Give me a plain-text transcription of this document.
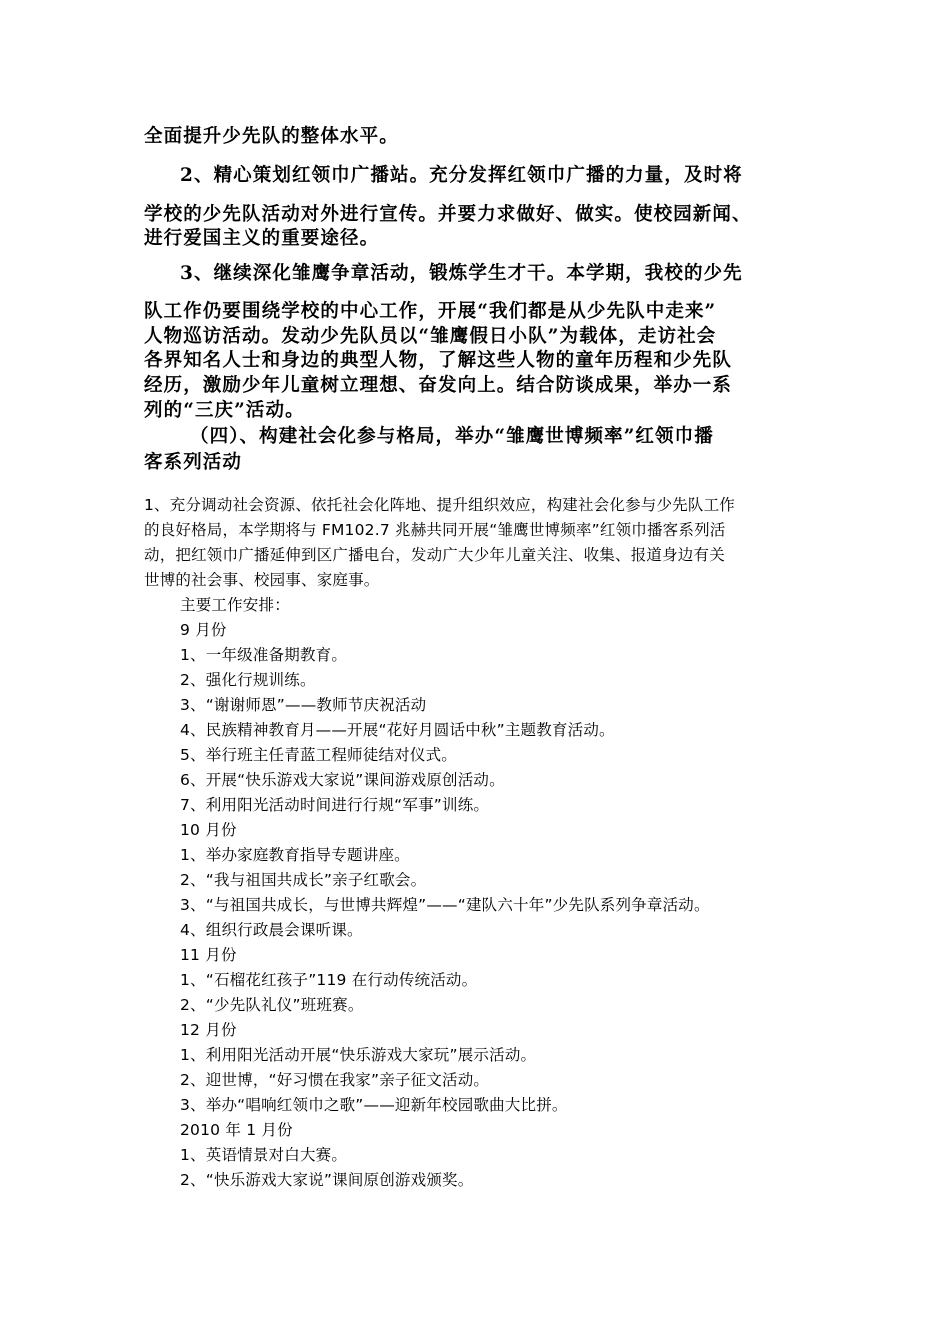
全面提升少先队的整体水平。
2、精心策划红领巾广播站。充分发挥红领巾广播的力量，及时将
学校的少先队活动对外进行宣传。并要力求做好、做实。使校园新闻、
进行爱国主义的重要途径。
3、继续深化雏鹰争章活动，锻炼学生才干。本学期，我校的少先
队工作仍要围绕学校的中心工作，开展“我们都是从少先队中走来”
人物巡访活动。发动少先队员以“雏鹰假日小队”为载体，走访社会
各界知名人士和身边的典型人物，了解这些人物的童年历程和少先队
经历，激励少年儿童树立理想、奋发向上。结合防谈成果，举办一系
列的“三庆”活动。
（四）、构建社会化参与格局，举办“雏鹰世博频率”红领巾播
客系列活动
1、充分调动社会资源、依托社会化阵地、提升组织效应，构建社会化参与少先队工作
的良好格局，本学期将与 FM102.7 兆赫共同开展“雏鹰世博频率”红领巾播客系列活
动，把红领巾广播延伸到区广播电台，发动广大少年儿童关注、收集、报道身边有关
世博的社会事、校园事、家庭事。
主要工作安排：
9 月份
1、一年级准备期教育。
2、强化行规训练。
3、“谢谢师恩”——教师节庆祝活动
4、民族精神教育月——开展“花好月圆话中秋”主题教育活动。
5、举行班主任青蓝工程师徒结对仪式。
6、开展“快乐游戏大家说”课间游戏原创活动。
7、利用阳光活动时间进行行规“军事”训练。
10 月份
1、举办家庭教育指导专题讲座。
2、“我与祖国共成长”亲子红歌会。
3、“与祖国共成长，与世博共辉煌”——“建队六十年”少先队系列争章活动。
4、组织行政晨会课听课。
11 月份
1、“石榴花红孩子”119 在行动传统活动。
2、“少先队礼仪”班班赛。
12 月份
1、利用阳光活动开展“快乐游戏大家玩”展示活动。
2、迎世博，“好习惯在我家”亲子征文活动。
3、举办“唱响红领巾之歌”——迎新年校园歌曲大比拼。
2010 年 1 月份
1、英语情景对白大赛。
2、“快乐游戏大家说”课间原创游戏颁奖。
